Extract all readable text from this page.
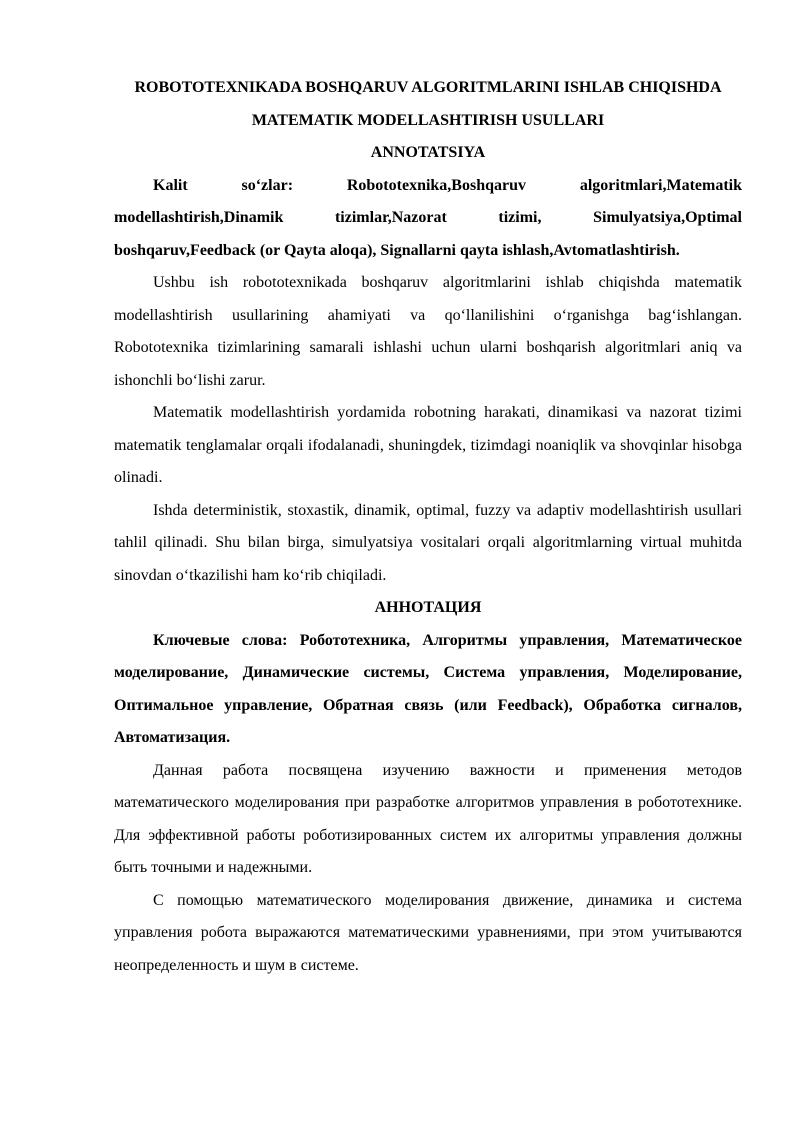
ROBOTOTEXNIKADA BOSHQARUV ALGORITMLARINI ISHLAB CHIQISHDA MATEMATIK MODELLASHTIRISH USULLARI
ANNOTATSIYA

Kalit so‘zlar: Robototexnika,Boshqaruv algoritmlari,Matematik modellashtirish,Dinamik tizimlar,Nazorat tizimi, Simulyatsiya,Optimal boshqaruv,Feedback (or Qayta aloqa), Signallarni qayta ishlash,Avtomatlashtirish.

Ushbu ish robototexnikada boshqaruv algoritmlarini ishlab chiqishda matematik modellashtirish usullarining ahamiyati va qo‘llanilishini o‘rganishga bag‘ishlangan. Robototexnika tizimlarining samarali ishlashi uchun ularni boshqarish algoritmlari aniq va ishonchli bo‘lishi zarur.

Matematik modellashtirish yordamida robotning harakati, dinamikasi va nazorat tizimi matematik tenglamalar orqali ifodalanadi, shuningdek, tizimdagi noaniqlik va shovqinlar hisobga olinadi.

Ishda deterministik, stoxastik, dinamik, optimal, fuzzy va adaptiv modellashtirish usullari tahlil qilinadi. Shu bilan birga, simulyatsiya vositalari orqali algoritmlarning virtual muhitda sinovdan o‘tkazilishi ham ko‘rib chiqiladi.

АННОТАЦИЯ

Ключевые слова: Робототехника, Алгоритмы управления, Математическое моделирование, Динамические системы, Система управления, Моделирование, Оптимальное управление, Обратная связь (или Feedback), Обработка сигналов, Автоматизация.

Данная работа посвящена изучению важности и применения методов математического моделирования при разработке алгоритмов управления в робототехнике. Для эффективной работы роботизированных систем их алгоритмы управления должны быть точными и надежными.

С помощью математического моделирования движение, динамика и система управления робота выражаются математическими уравнениями, при этом учитываются неопределенность и шум в системе.
